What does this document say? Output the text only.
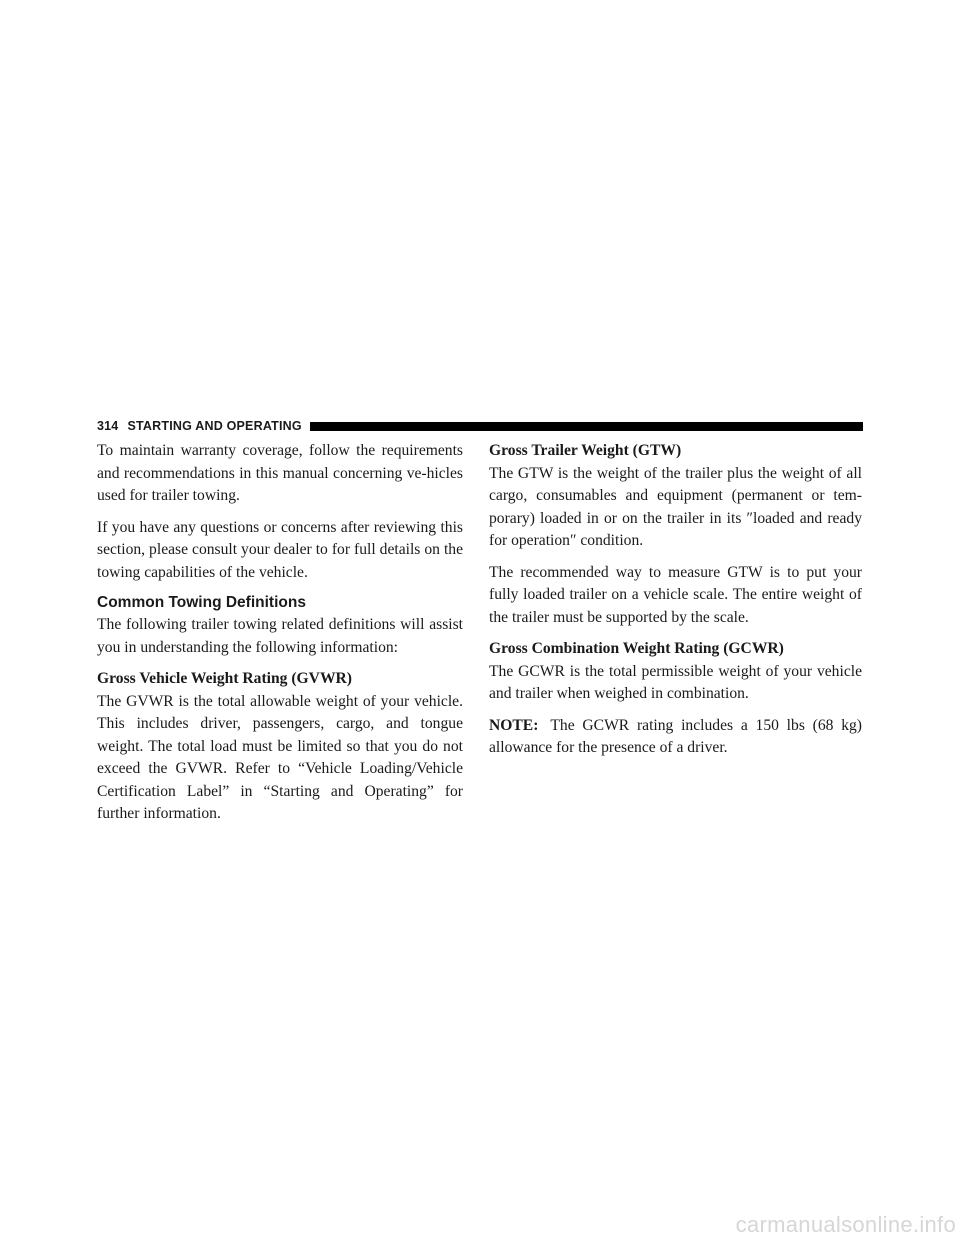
314 STARTING AND OPERATING

To maintain warranty coverage, follow the requirements and recommendations in this manual concerning ve-hicles used for trailer towing.

If you have any questions or concerns after reviewing this section, please consult your dealer to for full details on the towing capabilities of the vehicle.

Common Towing Definitions

The following trailer towing related definitions will assist you in understanding the following information:

Gross Vehicle Weight Rating (GVWR)

The GVWR is the total allowable weight of your vehicle. This includes driver, passengers, cargo, and tongue weight. The total load must be limited so that you do not exceed the GVWR. Refer to “Vehicle Loading/Vehicle Certification Label” in “Starting and Operating” for further information.

Gross Trailer Weight (GTW)

The GTW is the weight of the trailer plus the weight of all cargo, consumables and equipment (permanent or tem-porary) loaded in or on the trailer in its ″loaded and ready for operation″ condition.

The recommended way to measure GTW is to put your fully loaded trailer on a vehicle scale. The entire weight of the trailer must be supported by the scale.

Gross Combination Weight Rating (GCWR)

The GCWR is the total permissible weight of your vehicle and trailer when weighed in combination.

NOTE: The GCWR rating includes a 150 lbs (68 kg) allowance for the presence of a driver.

carmanualsonline.info
